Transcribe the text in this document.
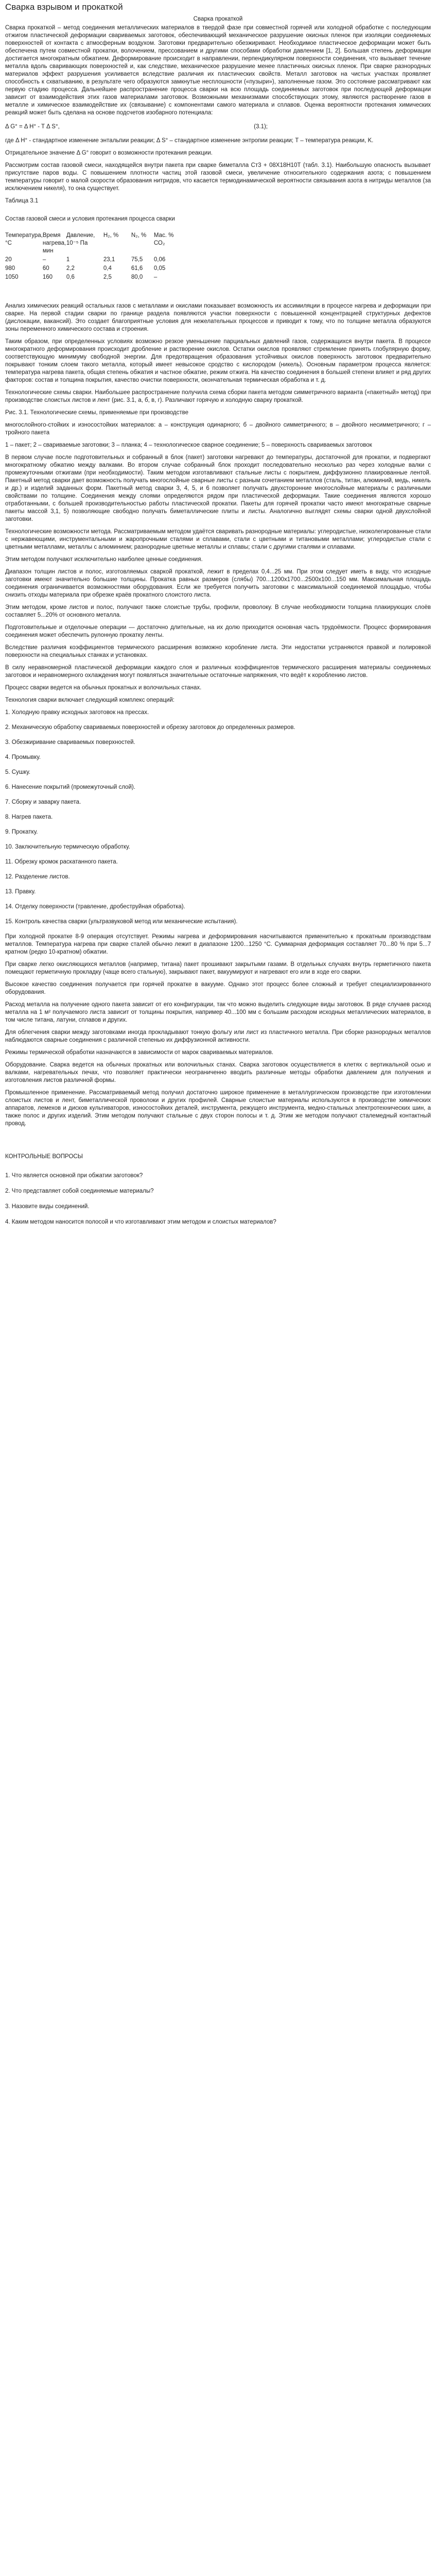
Сварка взрывом и прокаткой
Сварка прокаткой

Сварка прокаткой – метод соединения металлических материалов в твердой фазе при совместной горячей или холодной обработке с последующим отжигом пластической деформации свариваемых заготовок, обеспечивающий механическое разрушение окисных пленок при изоляции соединяемых поверхностей от контакта с атмосферным воздухом. Заготовки предварительно обезжиривают. Необходимое пластическое деформации может быть обеспечена путем совместной прокатки, волочением, прессованием и другими способами обработки давлением [1, 2]. Большая степень деформации достигается многократным обжатием. Деформирование происходит в направлении, перпендикулярном поверхности соединения, что вызывает течение металла вдоль сваривающих поверхностей и, как следствие, механическое разрушение менее пластичных окисных пленок. При сварке разнородных материалов эффект разрушения усиливается вследствие различия их пластических свойств. Металл заготовок на чистых участках проявляет способность к схватыванию, в результате чего образуются замкнутые несплошности («пузыри»), заполненные газом. Это состояние рассматривают как первую стадию процесса. Дальнейшее распространение процесса сварки на всю площадь соединяемых заготовок при последующей деформации зависит от взаимодействия этих газов материалами заготовок. Возможными механизмами способствующих этому, являются растворение газов в металле и химическое взаимодействие их (связывание) с компонентами самого материала и сплавов. Оценка вероятности протекания химических реакций может быть сделана на основе подсчетов изобарного потенциала:

Δ G° = Δ H° - T Δ S°,	(3.1);

где Δ H° - стандартное изменение энтальпии реакции; Δ S° – стандартное изменение энтропии реакции; T – температура реакции, K.

Отрицательное значение Δ G° говорит о возможности протекания реакции.

Рассмотрим состав газовой смеси, находящейся внутри пакета при сварке биметалла Ст3 + 08Х18Н10Т (табл. 3.1). Наибольшую опасность вызывает присутствие паров воды. С повышением плотности частиц этой газовой смеси, увеличение относительного содержания азота; с повышением температуры говорит о малой скорости образования нитридов, что касается термодинамической вероятности связывания азота в нитриды металлов (за исключением никеля), то она существует.

Таблица 3.1

Состав газовой смеси и условия протекания процесса сварки

Температура, °С	Время нагрева, мин	Давление, 10⁻⁵ Па	Н₂, %	N₂, %	Мас. % СО₂
20	–	1	23,1	75,5	0,06
980	60	2,2	0,4	61,6	0,05
1050	160	0,6	2,5	80,0	–

Анализ химических реакций остальных газов с металлами и окислами показывает возможность их ассимиляции в процессе нагрева и деформации при сварке. На первой стадии сварки по границе раздела появляются участки поверхности с повышенной концентрацией структурных дефектов (дислокации, вакансий). Это создает благоприятные условия для нежелательных процессов и приводит к тому, что по толщине металла образуются зоны переменного химического состава и строения.

Таким образом, при определенных условиях возможно резкое уменьшение парциальных давлений газов, содержащихся внутри пакета. В процессе многократного деформирования происходит дробление и растворение окислов. Остатки окислов проявляют стремление принять глобулярную форму, соответствующую минимуму свободной энергии. Для предотвращения образования устойчивых окислов поверхность заготовок предварительно покрывают тонким слоем такого металла, который имеет невысокое сродство с кислородом (никель). Основным параметром процесса является: температура нагрева пакета, общая степень обжатия и частное обжатие, режим отжига. На качество соединения в большей степени влияет и ряд других факторов: состав и толщина покрытия, качество очистки поверхности, окончательная термическая обработка и т. д.

Технологические схемы сварки. Наибольшее распространение получила схема сборки пакета методом симметричного варианта («пакетный» метод) при производстве слоистых листов и лент (рис. 3.1, а, б, в, г). Различают горячую и холодную сварку прокаткой.

Рис. 3.1. Технологические схемы, применяемые при производстве

многослойного-стойких и износостойких материалов: а – конструкция одинарного; б – двойного симметричного; в – двойного несимметричного; г – тройного пакета

1 – пакет; 2 – свариваемые заготовки; 3 – планка; 4 – технологическое сварное соединение; 5 – поверхность свариваемых заготовок

В первом случае после подготовительных и собранный в блок (пакет) заготовки нагревают до температуры, достаточной для прокатки, и подвергают многократному обжатию между валками. Во втором случае собранный блок проходит последовательно несколько раз через холодные валки с промежуточными отжигами (при необходимости). Таким методом изготавливают стальные листы с покрытием, диффузионно плакированные лентой. Пакетный метод сварки дает возможность получать многослойные сварные листы с разным сочетанием металлов (сталь, титан, алюминий, медь, никель и др.) и изделий заданных форм. Пакетный метод сварки 3, 4, 5, и 6 позволяет получать двухсторонние многослойные материалы с различными свойствами по толщине. Соединения между слоями определяются рядом при пластической деформации. Такие соединения являются хорошо отработанными, с большей производительностью работы пластической прокатки. Пакеты для горячей прокатки часто имеют многократные сварные пакеты массой 3,1, 5) позволяющие свободно получать биметаллические плиты и листы. Аналогично выглядят схемы сварки одной двухслойной заготовки.

Технологические возможности метода. Рассматриваемым методом удаётся сваривать разнородные материалы: углеродистые, низколегированные стали с нержавеющими, инструментальными и жаропрочными сталями и сплавами, стали с цветными и титановыми металлами; углеродистые стали с цветными металлами, металлы с алюминием; разнородные цветные металлы и сплавы; стали с другими сталями и сплавами.

Этим методом получают исключительно наиболее ценные соединения.

Диапазон толщин листов и полос, изготовляемых сваркой прокаткой, лежит в пределах 0,4...25 мм. При этом следует иметь в виду, что исходные заготовки имеют значительно большие толщины. Прокатка равных размеров (слябы) 700...1200х1700...2500х100...150 мм. Максимальная площадь соединения ограничивается возможностями оборудования. Если же требуется получить заготовки с максимальной соединяемой площадью, чтобы снизить отходы материала при обрезке краёв прокатного слоистого листа.

Этим методом, кроме листов и полос, получают также слоистые трубы, профили, проволоку. В случае необходимости толщина плакирующих слоёв составляет 5...20% от основного металла.

Подготовительные и отделочные операции — достаточно длительные, на их долю приходится основная часть трудоёмкости. Процесс формирования соединения может обеспечить рулонную прокатку ленты.

Вследствие различия коэффициентов термического расширения возможно коробление листа. Эти недостатки устраняются правкой и полировкой поверхности на специальных станках и установках.

В силу неравномерной пластической деформации каждого слоя и различных коэффициентов термического расширения материалы соединяемых заготовок и неравномерного охлаждения могут появляться значительные остаточные напряжения, что ведёт к короблению листов.

Процесс сварки ведется на обычных прокатных и волочильных станах.

Технология сварки включает следующий комплекс операций:

1. Холодную правку исходных заготовок на прессах.

2. Механическую обработку свариваемых поверхностей и обрезку заготовок до определенных размеров.

3. Обезжиривание свариваемых поверхностей.

4. Промывку.

5. Сушку.

6. Нанесение покрытий (промежуточный слой).

7. Сборку и заварку пакета.

8. Нагрев пакета.

9. Прокатку.

10. Заключительную термическую обработку.

11. Обрезку кромок раскатанного пакета.

12. Разделение листов.

13. Правку.

14. Отделку поверхности (травление, дробеструйная обработка).

15. Контроль качества сварки (ультразвуковой метод или механические испытания).

При холодной прокатке 8-9 операция отсутствует. Режимы нагрева и деформирования насчитываются применительно к прокатным производствам металлов. Температура нагрева при сварке сталей обычно лежит в диапазоне 1200...1250 °С. Суммарная деформация составляет 70...80 % при 5...7 кратном (редко 10-кратном) обжатии.

При сварке легко окисляющихся металлов (например, титана) пакет прошивают закрытыми газами. В отдельных случаях внутрь герметичного пакета помещают герметичную прокладку (чаще всего стальную), закрывают пакет, вакуумируют и нагревают его или в ходе его сварки.

Высокое качество соединения получается при горячей прокатке в вакууме. Однако этот процесс более сложный и требует специализированного оборудования.

Расход металла на получение одного пакета зависит от его конфигурации, так что можно выделить следующие виды заготовок. В ряде случаев расход металла на 1 м² получаемого листа зависит от толщины покрытия, например 40...100 мм с большим расходом исходных металлических материалов, в том числе титана, латуни, сплавов и других.

Для облегчения сварки между заготовками иногда прокладывают тонкую фольгу или лист из пластичного металла. При сборке разнородных металлов наблюдаются сварные соединения с различной степенью их диффузионной активности.

Режимы термической обработки назначаются в зависимости от марок свариваемых материалов.

Оборудование. Сварка ведется на обычных прокатных или волочильных станах. Сварка заготовок осуществляется в клетях с вертикальной осью и валками, нагревательных печах, что позволяет практически неограниченно вводить различные методы обработки давлением для получения и изготовления листов различной формы.

Промышленное применение. Рассматриваемый метод получил достаточно широкое применение в металлургическом производстве при изготовлении слоистых листов и лент, биметаллической проволоки и других профилей. Сварные слоистые материалы используются в производстве химических аппаратов, лемехов и дисков культиваторов, износостойких деталей, инструмента, режущего инструмента, медно-стальных электротехнических шин, а также полос и других изделий. Этим методом получают стальные с двух сторон полосы и т. д. Этим же методом получают сталемедный контактный провод.

КОНТРОЛЬНЫЕ ВОПРОСЫ

1. Что является основной при обжатии заготовок?

2. Что представляет собой соединяемые материалы?

3. Назовите виды соединений.

4. Каким методом наносится полосой и что изготавливают этим методом и слоистых материалов?
